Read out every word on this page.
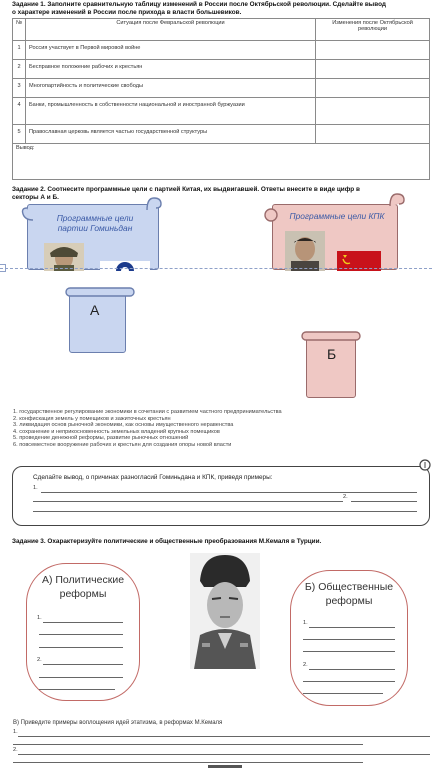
Задание 1. Заполните сравнительную таблицу изменений в России после Октябрьской революции. Сделайте вывод
о характере изменений в России после прихода в власти большевиков.
№	Ситуация после Февральской революции	Изменения после Октябрьской революции
1	Россия участвует в Первой мировой войне	
2	Бесправное положение рабочих и крестьян	
3	Многопартийность и политические свободы	
4	Банки, промышленность в собственности национальной и иностранной буржуазии	
5	Православная церковь является частью государственной структуры	
Вывод:		
Задание 2. Соотнесите программные цели с партией Китая, их выдвигавшей. Ответы внесите в виде цифр в
секторы А и Б.
Программные цели партии Гоминьдан
Программные цели КПК
А
Б
1. государственное регулирование экономики в сочетании с развитием частного предпринимательства
2. конфискация земель у помещиков и зажиточных крестьян
3. ликвидация основ рыночной экономики, как основы имущественного неравенства
4. сохранение и неприкосновенность земельных владений крупных помещиков
5. проведение денежной реформы, развитие рыночных отношений
6. повсеместное вооружение рабочих и крестьян для создания опоры новой власти
Сделайте вывод, о причинах разногласий Гоминьдана и КПК, приведя примеры:
1.
2.
Задание 3. Охарактеризуйте политические и общественные преобразования М.Кемаля в Турции.
А) Политические реформы
1.
2.
Б) Общественные реформы
1.
2.
В) Приведите примеры воплощения идей этатизма, в реформах М.Кемаля
1.
2.
